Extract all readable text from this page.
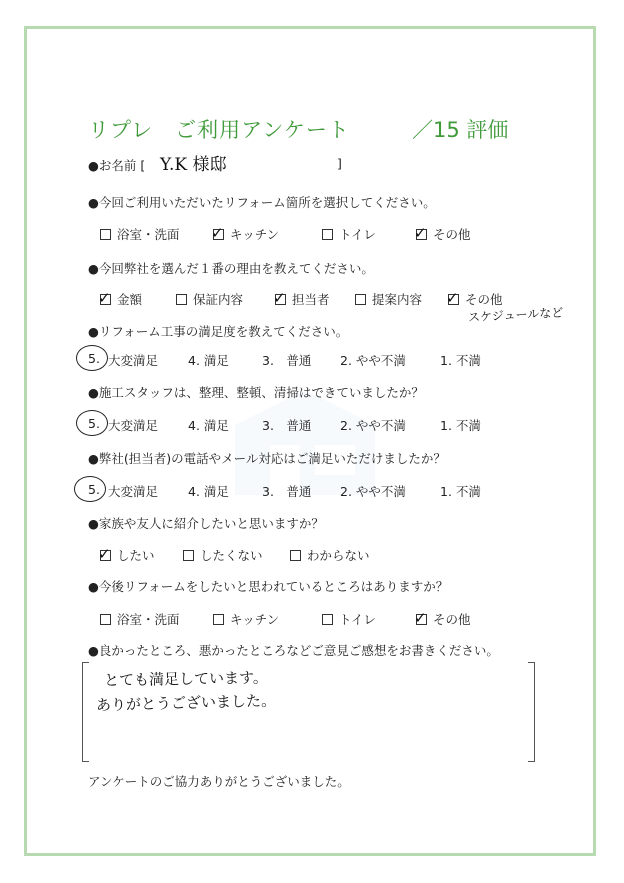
リプレ　ご利用アンケート	／15 評価
●お名前 [ Y.K 様邸	]
●今回ご利用いただいたリフォーム箇所を選択してください。
浴室・洗面 ✓ キッチン	トイレ	✓ その他
●今回弊社を選んだ１番の理由を教えてください。
✓ 金額	保証内容 ✓ 担当者	提案内容 ✓ その他
スケジュールなど
●リフォーム工事の満足度を教えてください。
5. 大変満足 4. 満足	3.　普通 2. やや不満	1. 不満
●施工スタッフは、整理、整頓、清掃はできていましたか？
5. 大変満足 4. 満足	3.　普通 2. やや不満	1. 不満
●弊社(担当者)の電話やメール対応はご満足いただけましたか？
5. 大変満足 4. 満足	3.　普通 2. やや不満	1. 不満
●家族や友人に紹介したいと思いますか？
✓ したい	したくない	わからない
●今後リフォームをしたいと思われているところはありますか？
浴室・洗面	キッチン	トイレ	✓ その他
●良かったところ、悪かったところなどご意見ご感想をお書きください。
とても満足しています。
ありがとうございました。
アンケートのご協力ありがとうございました。
